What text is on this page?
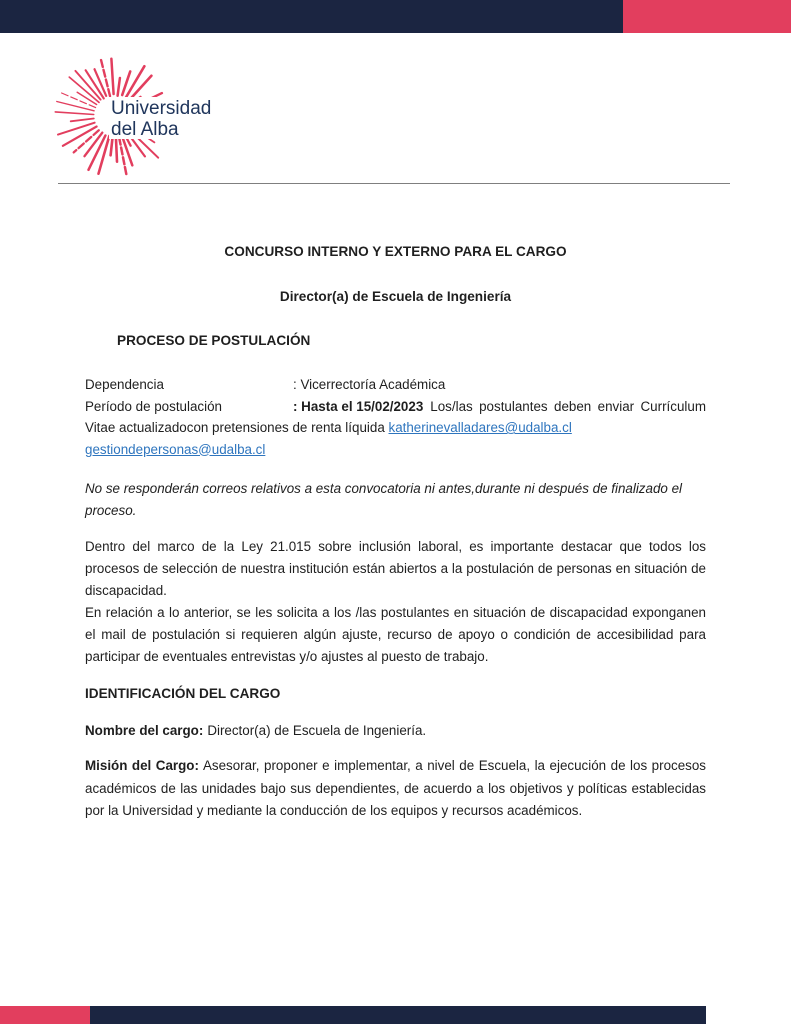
Universidad
del Alba
CONCURSO INTERNO Y EXTERNO PARA EL CARGO
Director(a) de Escuela de Ingeniería
PROCESO DE POSTULACIÓN
Dependencia	: Vicerrectoría Académica
Período de postulación	: Hasta el 15/02/2023 Los/las postulantes deben enviar Currículum
Vitae actualizadocon pretensiones de renta líquida katherinevalladares@udalba.cl
gestiondepersonas@udalba.cl

No se responderán correos relativos a esta convocatoria ni antes,durante ni después de finalizado el proceso.

Dentro del marco de la Ley 21.015 sobre inclusión laboral, es importante destacar que todos los procesos de selección de nuestra institución están abiertos a la postulación de personas en situación de discapacidad.

En relación a lo anterior, se les solicita a los /las postulantes en situación de discapacidad exponganen el mail de postulación si requieren algún ajuste, recurso de apoyo o condición de accesibilidad para participar de eventuales entrevistas y/o ajustes al puesto de trabajo.

IDENTIFICACIÓN DEL CARGO
Nombre del cargo: Director(a) de Escuela de Ingeniería.

Misión del Cargo: Asesorar, proponer e implementar, a nivel de Escuela, la ejecución de los procesos académicos de las unidades bajo sus dependientes, de acuerdo a los objetivos y políticas establecidas por la Universidad y mediante la conducción de los equipos y recursos académicos.
